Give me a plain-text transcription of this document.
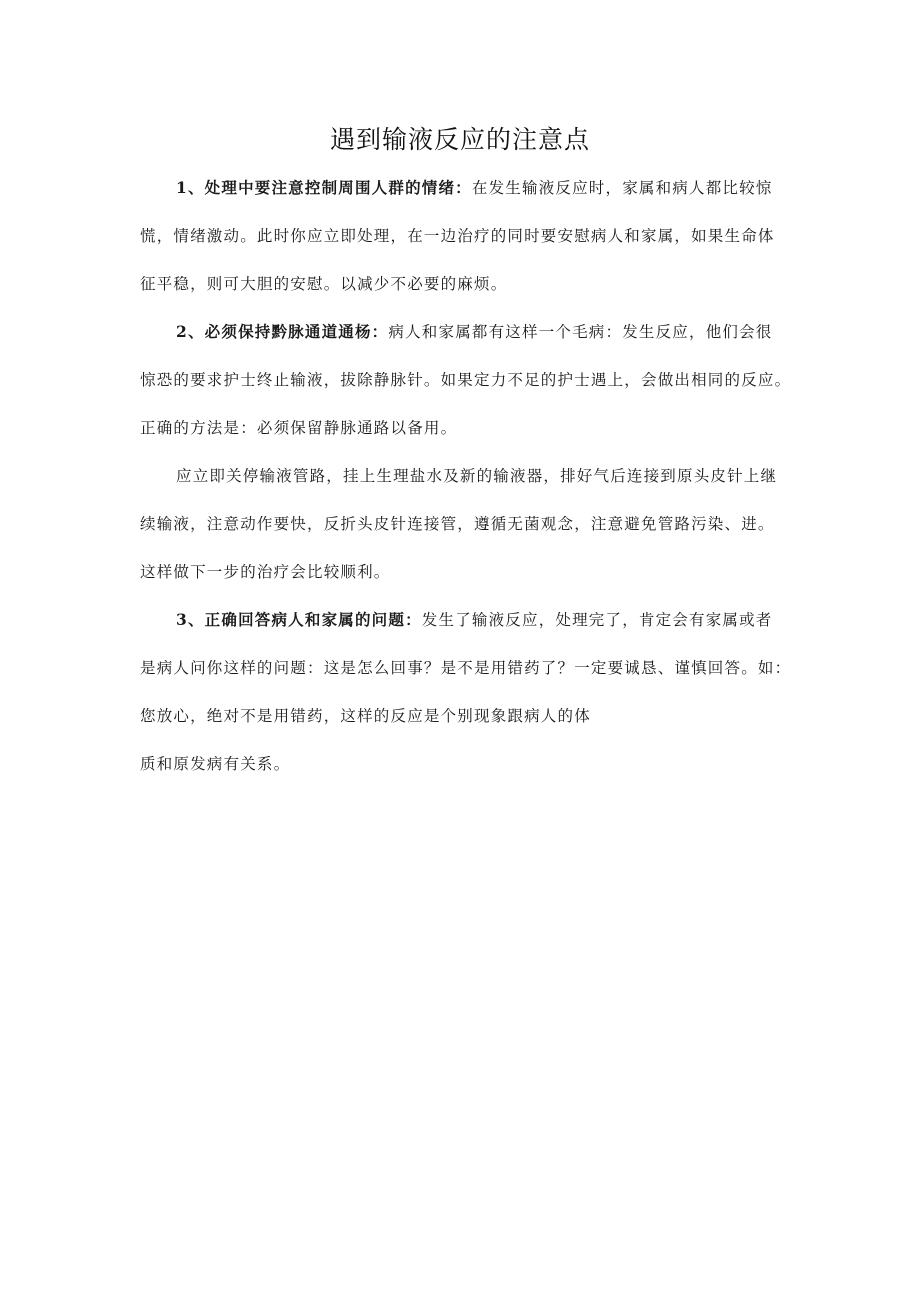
遇到输液反应的注意点
1、处理中要注意控制周围人群的情绪：在发生输液反应时，家属和病人都比较惊
慌，情绪激动。此时你应立即处理，在一边治疗的同时要安慰病人和家属，如果生命体
征平稳，则可大胆的安慰。以减少不必要的麻烦。
2、必须保持黔脉通道通杨：病人和家属都有这样一个毛病：发生反应，他们会很
惊恐的要求护士终止输液，拔除静脉针。如果定力不足的护士遇上，会做出相同的反应。
正确的方法是：必须保留静脉通路以备用。
应立即关停输液管路，挂上生理盐水及新的输液器，排好气后连接到原头皮针上继
续输液，注意动作要快，反折头皮针连接管，遵循无菌观念，注意避免管路污染、进。
这样做下一步的治疗会比较顺利。
3、正确回答病人和家属的问题：发生了输液反应，处理完了，肯定会有家属或者
是病人问你这样的问题：这是怎么回事？是不是用错药了？一定要诚恳、谨慎回答。如：
您放心，绝对不是用错药，这样的反应是个别现象跟病人的体
质和原发病有关系。
